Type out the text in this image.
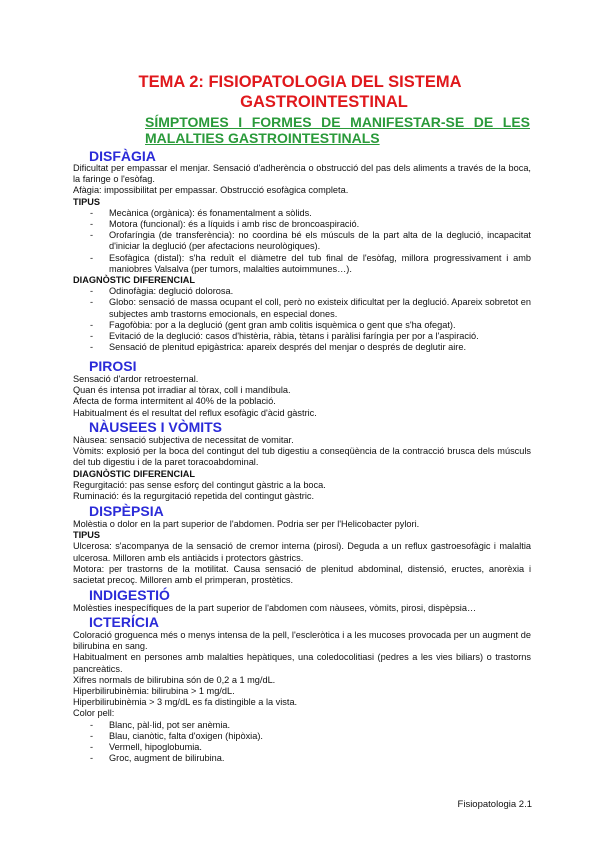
TEMA 2: FISIOPATOLOGIA DEL SISTEMA
GASTROINTESTINAL
SÍMPTOMES I FORMES DE MANIFESTAR-SE DE LES MALALTIES GASTROINTESTINALS
DISFÀGIA

Dificultat per empassar el menjar. Sensació d'adherència o obstrucció del pas dels aliments a través de la boca, la faringe o l'esòfag.

Afàgia: impossibilitat per empassar. Obstrucció esofàgica completa.

TIPUS

- Mecànica (orgànica): és fonamentalment a sòlids.
- Motora (funcional): és a líquids i amb risc de broncoaspiració.
- Orofaríngia (de transferència): no coordina bé els músculs de la part alta de la deglució, incapacitat d'iniciar la deglució (per afectacions neurològiques).
- Esofàgica (distal): s'ha reduït el diàmetre del tub final de l'esòfag, millora progressivament i amb maniobres Valsalva (per tumors, malalties autoimmunes…).

DIAGNÒSTIC DIFERENCIAL

- Odinofàgia: deglució dolorosa.
- Globo: sensació de massa ocupant el coll, però no existeix dificultat per la deglució. Apareix sobretot en subjectes amb trastorns emocionals, en especial dones.
- Fagofòbia: por a la deglució (gent gran amb colitis isquèmica o gent que s'ha ofegat).
- Evitació de la deglució: casos d'histèria, ràbia, tètans i paràlisi faríngia per por a l'aspiració.
- Sensació de plenitud epigàstrica: apareix després del menjar o després de deglutir aire.
PIROSI

Sensació d'ardor retroesternal.

Quan és intensa pot irradiar al tòrax, coll i mandíbula.

Afecta de forma intermitent al 40% de la població.

Habitualment és el resultat del reflux esofàgic d'àcid gàstric.

NÀUSEES I VÒMITS

Nàusea: sensació subjectiva de necessitat de vomitar.

Vòmits: explosió per la boca del contingut del tub digestiu a conseqüència de la contracció brusca dels músculs del tub digestiu i de la paret toracoabdominal.

DIAGNÒSTIC DIFERENCIAL

Regurgitació: pas sense esforç del contingut gàstric a la boca.

Ruminació: és la regurgitació repetida del contingut gàstric.

DISPÈPSIA

Molèstia o dolor en la part superior de l'abdomen. Podria ser per l'Helicobacter pylori.

TIPUS

Ulcerosa: s'acompanya de la sensació de cremor interna (pirosi). Deguda a un reflux gastroesofàgic i malaltia ulcerosa. Milloren amb els antiàcids i protectors gàstrics.

Motora: per trastorns de la motilitat. Causa sensació de plenitud abdominal, distensió, eructes, anorèxia i sacietat precoç. Milloren amb el primperan, prostètics.

INDIGESTIÓ

Molèsties inespecífiques de la part superior de l'abdomen com nàusees, vòmits, pirosi, dispèpsia…

ICTERÍCIA

Coloració groguenca més o menys intensa de la pell, l'escleròtica i a les mucoses provocada per un augment de bilirubina en sang.

Habitualment en persones amb malalties hepàtiques, una coledocolitiasi (pedres a les vies biliars) o trastorns pancreàtics.

Xifres normals de bilirubina són de 0,2 a 1 mg/dL.

Hiperbilirubinèmia: bilirubina > 1 mg/dL.

Hiperbilirubinèmia > 3 mg/dL es fa distingible a la vista.

Color pell:

- Blanc, pàl·lid, pot ser anèmia.
- Blau, cianòtic, falta d'oxigen (hipòxia).
- Vermell, hipoglobumia.
- Groc, augment de bilirubina.
Fisiopatologia 2.1
